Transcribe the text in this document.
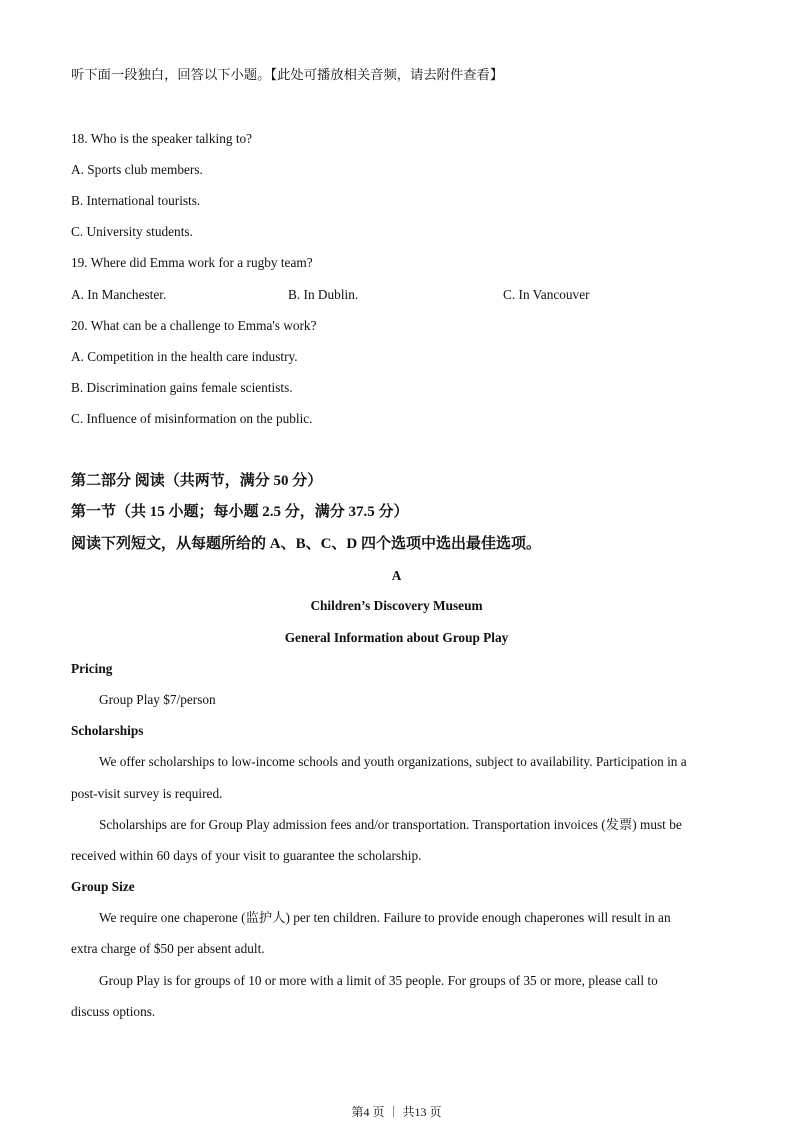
听下面一段独白，回答以下小题。【此处可播放相关音频，请去附件查看】
18. Who is the speaker talking to?
A. Sports club members.
B. International tourists.
C. University students.
19. Where did Emma work for a rugby team?
A. In Manchester.	B. In Dublin.	C. In Vancouver
20. What can be a challenge to Emma's work?
A. Competition in the health care industry.
B. Discrimination gains female scientists.
C. Influence of misinformation on the public.
第二部分 阅读（共两节，满分 50 分）
第一节（共 15 小题；每小题 2.5 分，满分 37.5 分）
阅读下列短文，从每题所给的 A、B、C、D 四个选项中选出最佳选项。
A
Children’s Discovery Museum
General Information about Group Play
Pricing
Group Play $7/person
Scholarships
We offer scholarships to low-income schools and youth organizations, subject to availability. Participation in a
post-visit survey is required.
Scholarships are for Group Play admission fees and/or transportation. Transportation invoices (发票) must be
received within 60 days of your visit to guarantee the scholarship.
Group Size
We require one chaperone (监护人) per ten children. Failure to provide enough chaperones will result in an
extra charge of $50 per absent adult.
Group Play is for groups of 10 or more with a limit of 35 people. For groups of 35 or more, please call to
discuss options.
第4 页 ｜ 共13 页
